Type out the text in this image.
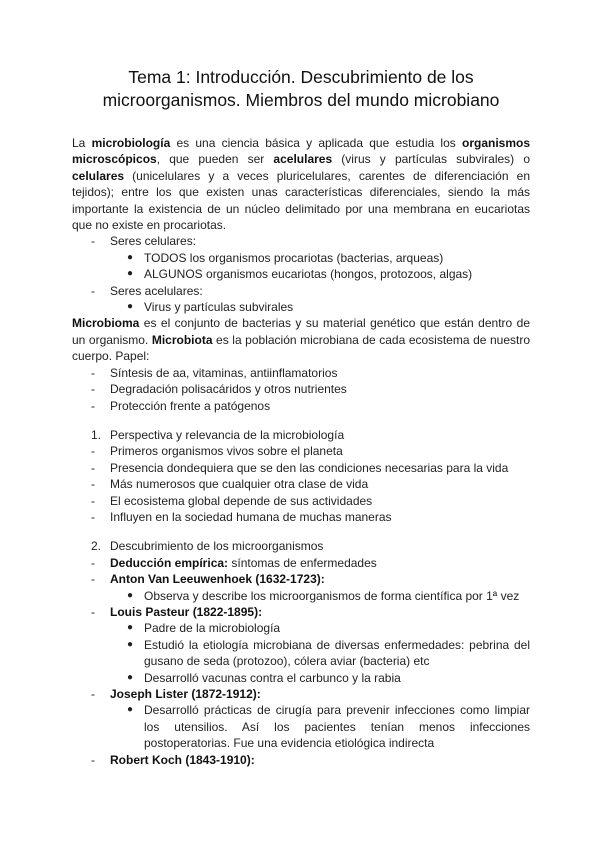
Tema 1: Introducción. Descubrimiento de los microorganismos. Miembros del mundo microbiano

La microbiología es una ciencia básica y aplicada que estudia los organismos microscópicos, que pueden ser acelulares (virus y partículas subvirales) o celulares (unicelulares y a veces pluricelulares, carentes de diferenciación en tejidos); entre los que existen unas características diferenciales, siendo la más importante la existencia de un núcleo delimitado por una membrana en eucariotas que no existe en procariotas.

- Seres celulares:
● TODOS los organismos procariotas (bacterias, arqueas)
● ALGUNOS organismos eucariotas (hongos, protozoos, algas)
- Seres acelulares:
● Virus y partículas subvirales

Microbioma es el conjunto de bacterias y su material genético que están dentro de un organismo. Microbiota es la población microbiana de cada ecosistema de nuestro cuerpo. Papel:

- Síntesis de aa, vitaminas, antiinflamatorios
- Degradación polisacáridos y otros nutrientes
- Protección frente a patógenos
1. Perspectiva y relevancia de la microbiología
- Primeros organismos vivos sobre el planeta
- Presencia dondequiera que se den las condiciones necesarias para la vida
- Más numerosos que cualquier otra clase de vida
- El ecosistema global depende de sus actividades
- Influyen en la sociedad humana de muchas maneras
2. Descubrimiento de los microorganismos
- Deducción empírica: síntomas de enfermedades
- Anton Van Leeuwenhoek (1632-1723):
● Observa y describe los microorganismos de forma científica por 1ª vez
- Louis Pasteur (1822-1895):
● Padre de la microbiología
● Estudió la etiología microbiana de diversas enfermedades: pebrina del gusano de seda (protozoo), cólera aviar (bacteria) etc
● Desarrolló vacunas contra el carbunco y la rabia
- Joseph Lister (1872-1912):
● Desarrolló prácticas de cirugía para prevenir infecciones como limpiar los utensilios. Así los pacientes tenían menos infecciones postoperatorias. Fue una evidencia etiológica indirecta
- Robert Koch (1843-1910):
